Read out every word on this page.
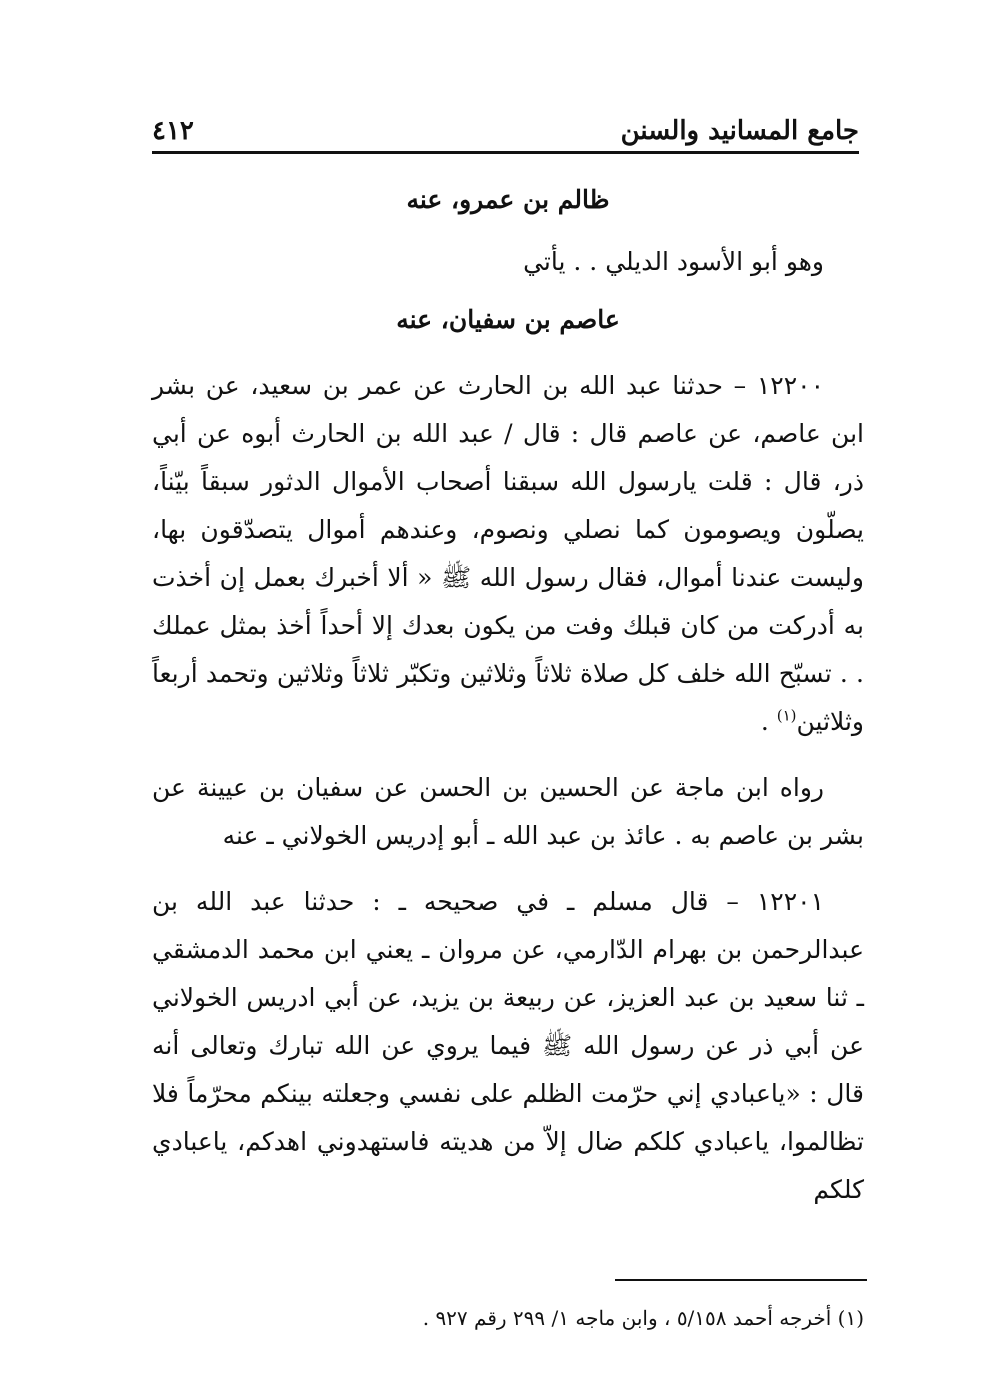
جامع المسانيد والسنن
٤١٢

ظالم بن عمرو، عنه

وهو أبو الأسود الديلي . . يأتي

عاصم بن سفيان، عنه

١٢٢٠٠ – حدثنا عبد الله بن الحارث عن عمر بن سعيد، عن بشر ابن عاصم، عن عاصم قال : قال / عبد الله بن الحارث أبوه عن أبي ذر، قال : قلت يارسول الله سبقنا أصحاب الأموال الدثور سبقاً بيّناً، يصلّون ويصومون كما نصلي ونصوم، وعندهم أموال يتصدّقون بها، وليست عندنا أموال، فقال رسول الله ﷺ « ألا أخبرك بعمل إن أخذت به أدركت من كان قبلك وفت من يكون بعدك إلا أحداً أخذ بمثل عملك . . تسبّح الله خلف كل صلاة ثلاثاً وثلاثين وتكبّر ثلاثاً وثلاثين وتحمد أربعاً وثلاثين$^{(١)}$ .

رواه ابن ماجة عن الحسين بن الحسن عن سفيان بن عيينة عن بشر بن عاصم به . عائذ بن عبد الله ـ أبو إدريس الخولاني ـ عنه

١٢٢٠١ – قال مسلم ـ في صحيحه ـ : حدثنا عبد الله بن عبدالرحمن بن بهرام الدّارمي، عن مروان ـ يعني ابن محمد الدمشقي ـ ثنا سعيد بن عبد العزيز، عن ربيعة بن يزيد، عن أبي ادريس الخولاني عن أبي ذر عن رسول الله ﷺ فيما يروي عن الله تبارك وتعالى أنه قال : «ياعبادي إني حرّمت الظلم على نفسي وجعلته بينكم محرّماً فلا تظالموا، ياعبادي كلكم ضال إلاّ من هديته فاستهدوني اهدكم، ياعبادي كلكم

(١) أخرجه أحمد ٥/١٥٨ ، وابن ماجه ١/ ٢٩٩ رقم ٩٢٧ .
